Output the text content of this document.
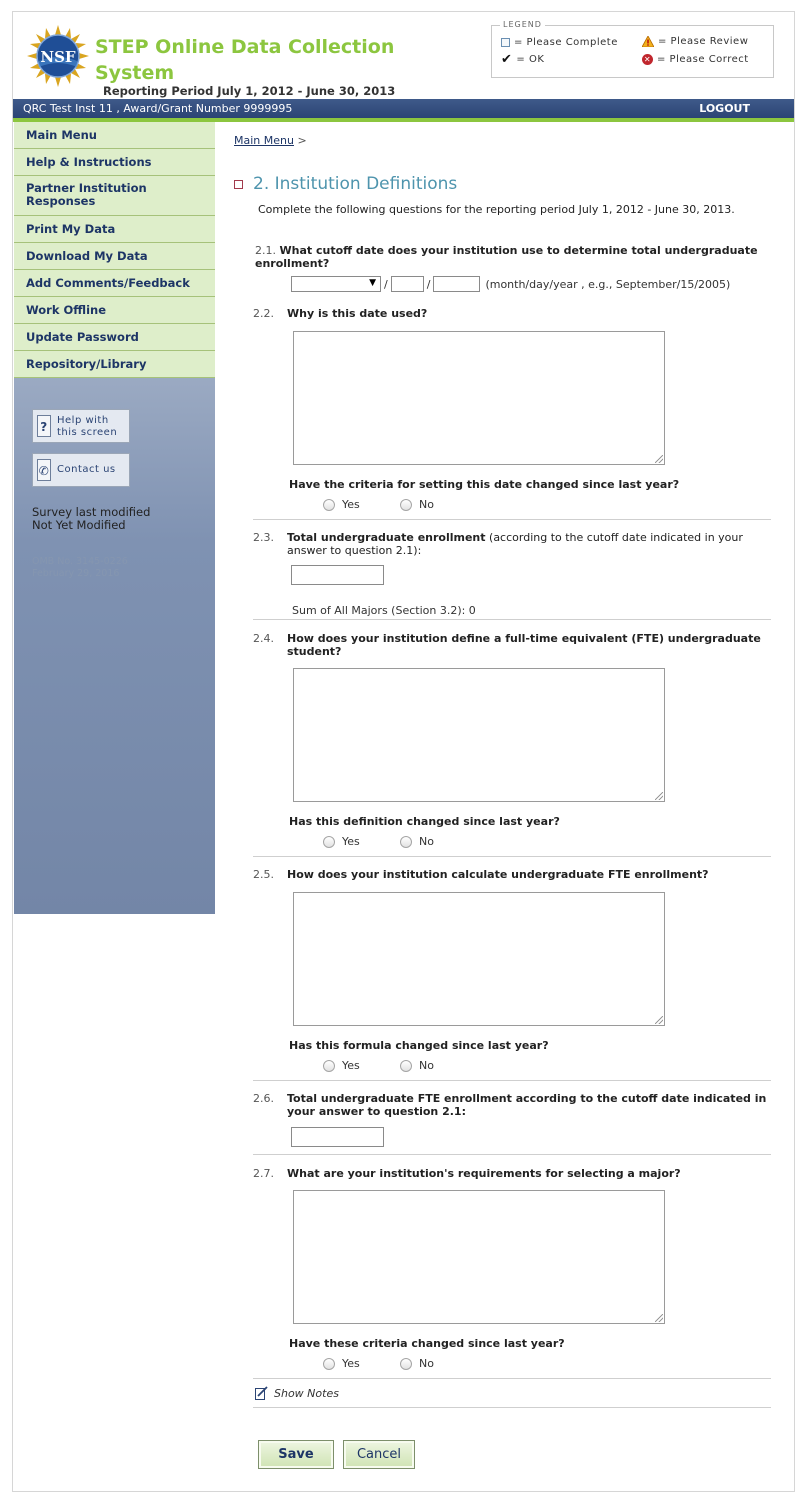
NSF STEP Online Data Collection System
Reporting Period July 1, 2012 - June 30, 2013
LEGEND
= Please Complete	= Please Review
✔ = OK	✕ = Please Correct
QRC Test Inst 11 , Award/Grant Number 9999995	LOGOUT
Main Menu
Help & Instructions
Partner Institution Responses
Print My Data
Download My Data
Add Comments/Feedback
Work Offline
Update Password
Repository/Library
? Help with this screen
✆ Contact us
Survey last modified
Not Yet Modified
OMB No. 3145-0226
February 29, 2016
Main Menu >
2. Institution Definitions
Complete the following questions for the reporting period July 1, 2012 - June 30, 2013.
2.1. What cutoff date does your institution use to determine total undergraduate enrollment?
▼ /	/	(month/day/year , e.g., September/15/2005)
2.2. Why is this date used?
Have the criteria for setting this date changed since last year?
Yes	No
2.3. Total undergraduate enrollment (according to the cutoff date indicated in your answer to question 2.1):
Sum of All Majors (Section 3.2): 0
2.4. How does your institution define a full-time equivalent (FTE) undergraduate student?
Has this definition changed since last year?
Yes	No
2.5. How does your institution calculate undergraduate FTE enrollment?
Has this formula changed since last year?
Yes	No
2.6. Total undergraduate FTE enrollment according to the cutoff date indicated in your answer to question 2.1:
2.7. What are your institution's requirements for selecting a major?
Have these criteria changed since last year?
Yes	No
Show Notes
Save	Cancel
